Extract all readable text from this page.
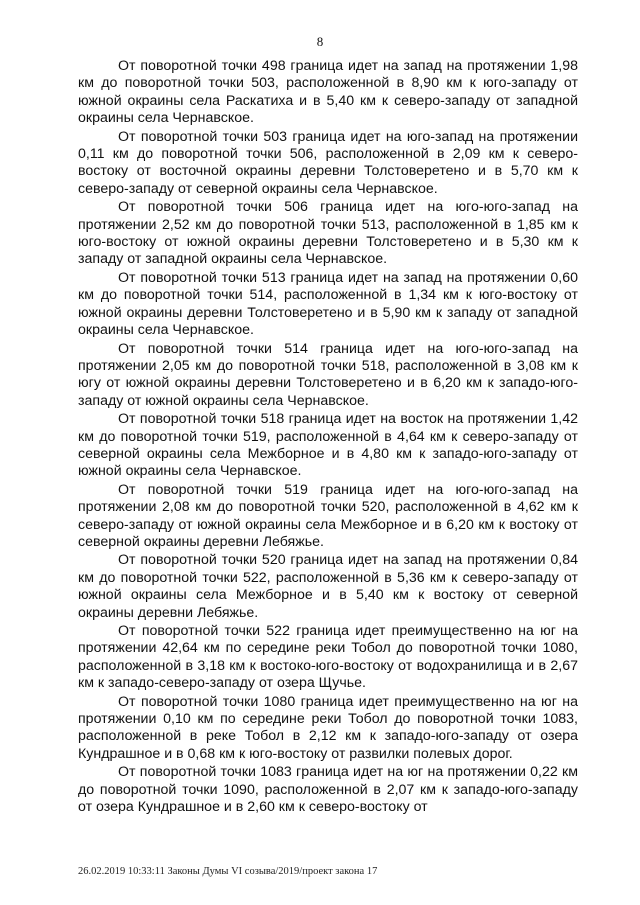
8

От поворотной точки 498 граница идет на запад на протяжении 1,98 км до поворотной точки 503, расположенной в 8,90 км к юго-западу от южной окраины села Раскатиха и в 5,40 км к северо-западу от западной окраины села Чернавское.

От поворотной точки 503 граница идет на юго-запад на протяжении 0,11 км до поворотной точки 506, расположенной в 2,09 км к северо-востоку от восточной окраины деревни Толстоверетено и в 5,70 км к северо-западу от северной окраины села Чернавское.

От поворотной точки 506 граница идет на юго-юго-запад на протяжении 2,52 км до поворотной точки 513, расположенной в 1,85 км к юго-востоку от южной окраины деревни Толстоверетено и в 5,30 км к западу от западной окраины села Чернавское.

От поворотной точки 513 граница идет на запад на протяжении 0,60 км до поворотной точки 514, расположенной в 1,34 км к юго-востоку от южной окраины деревни Толстоверетено и в 5,90 км к западу от западной окраины села Чернавское.

От поворотной точки 514 граница идет на юго-юго-запад на протяжении 2,05 км до поворотной точки 518, расположенной в 3,08 км к югу от южной окраины деревни Толстоверетено и в 6,20 км к западо-юго-западу от южной окраины села Чернавское.

От поворотной точки 518 граница идет на восток на протяжении 1,42 км до поворотной точки 519, расположенной в 4,64 км к северо-западу от северной окраины села Межборное и в 4,80 км к западо-юго-западу от южной окраины села Чернавское.

От поворотной точки 519 граница идет на юго-юго-запад на протяжении 2,08 км до поворотной точки 520, расположенной в 4,62 км к северо-западу от южной окраины села Межборное и в 6,20 км к востоку от северной окраины деревни Лебяжье.

От поворотной точки 520 граница идет на запад на протяжении 0,84 км до поворотной точки 522, расположенной в 5,36 км к северо-западу от южной окраины села Межборное и в 5,40 км к востоку от северной окраины деревни Лебяжье.

От поворотной точки 522 граница идет преимущественно на юг на протяжении 42,64 км по середине реки Тобол до поворотной точки 1080, расположенной в 3,18 км к востоко-юго-востоку от водохранилища и в 2,67 км к западо-северо-западу от озера Щучье.

От поворотной точки 1080 граница идет преимущественно на юг на протяжении 0,10 км по середине реки Тобол до поворотной точки 1083, расположенной в реке Тобол в 2,12 км к западо-юго-западу от озера Кундрашное и в 0,68 км к юго-востоку от развилки полевых дорог.

От поворотной точки 1083 граница идет на юг на протяжении 0,22 км до поворотной точки 1090, расположенной в 2,07 км к западо-юго-западу от озера Кундрашное и в 2,60 км к северо-востоку от

26.02.2019 10:33:11 Законы Думы VI созыва/2019/проект закона 17
